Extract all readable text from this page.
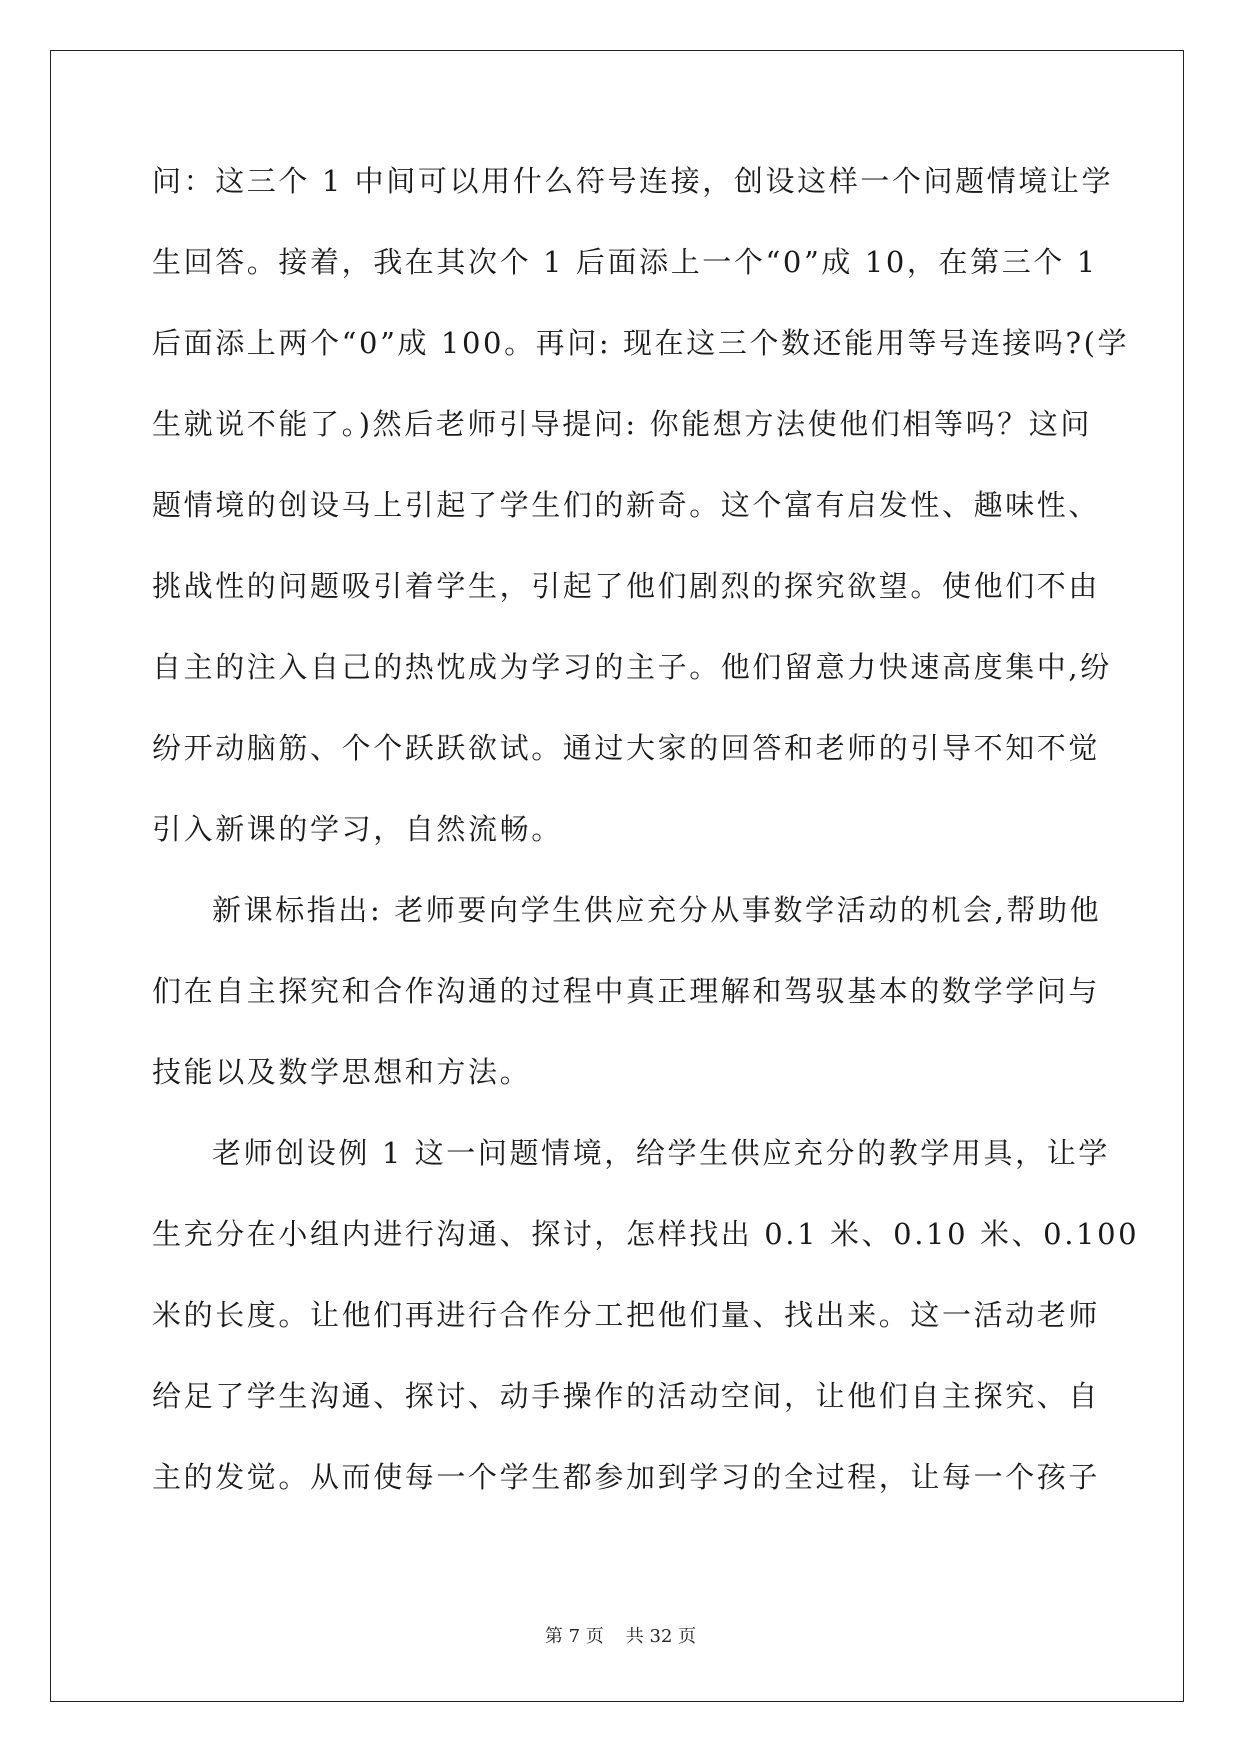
问：这三个 1 中间可以用什么符号连接，创设这样一个问题情境让学
生回答。接着，我在其次个 1 后面添上一个“0”成 10，在第三个 1
后面添上两个“0”成 100。再问: 现在这三个数还能用等号连接吗?(学
生就说不能了。)然后老师引导提问: 你能想方法使他们相等吗？这问
题情境的创设马上引起了学生们的新奇。这个富有启发性、趣味性、
挑战性的问题吸引着学生，引起了他们剧烈的探究欲望。使他们不由
自主的注入自己的热忱成为学习的主子。他们留意力快速高度集中,纷
纷开动脑筋、个个跃跃欲试。通过大家的回答和老师的引导不知不觉
引入新课的学习，自然流畅。
新课标指出: 老师要向学生供应充分从事数学活动的机会,帮助他
们在自主探究和合作沟通的过程中真正理解和驾驭基本的数学学问与
技能以及数学思想和方法。
老师创设例 1 这一问题情境，给学生供应充分的教学用具，让学
生充分在小组内进行沟通、探讨，怎样找出 0.1 米、0.10 米、0.100
米的长度。让他们再进行合作分工把他们量、找出来。这一活动老师
给足了学生沟通、探讨、动手操作的活动空间，让他们自主探究、自
主的发觉。从而使每一个学生都参加到学习的全过程，让每一个孩子
第 7 页 共 32 页
